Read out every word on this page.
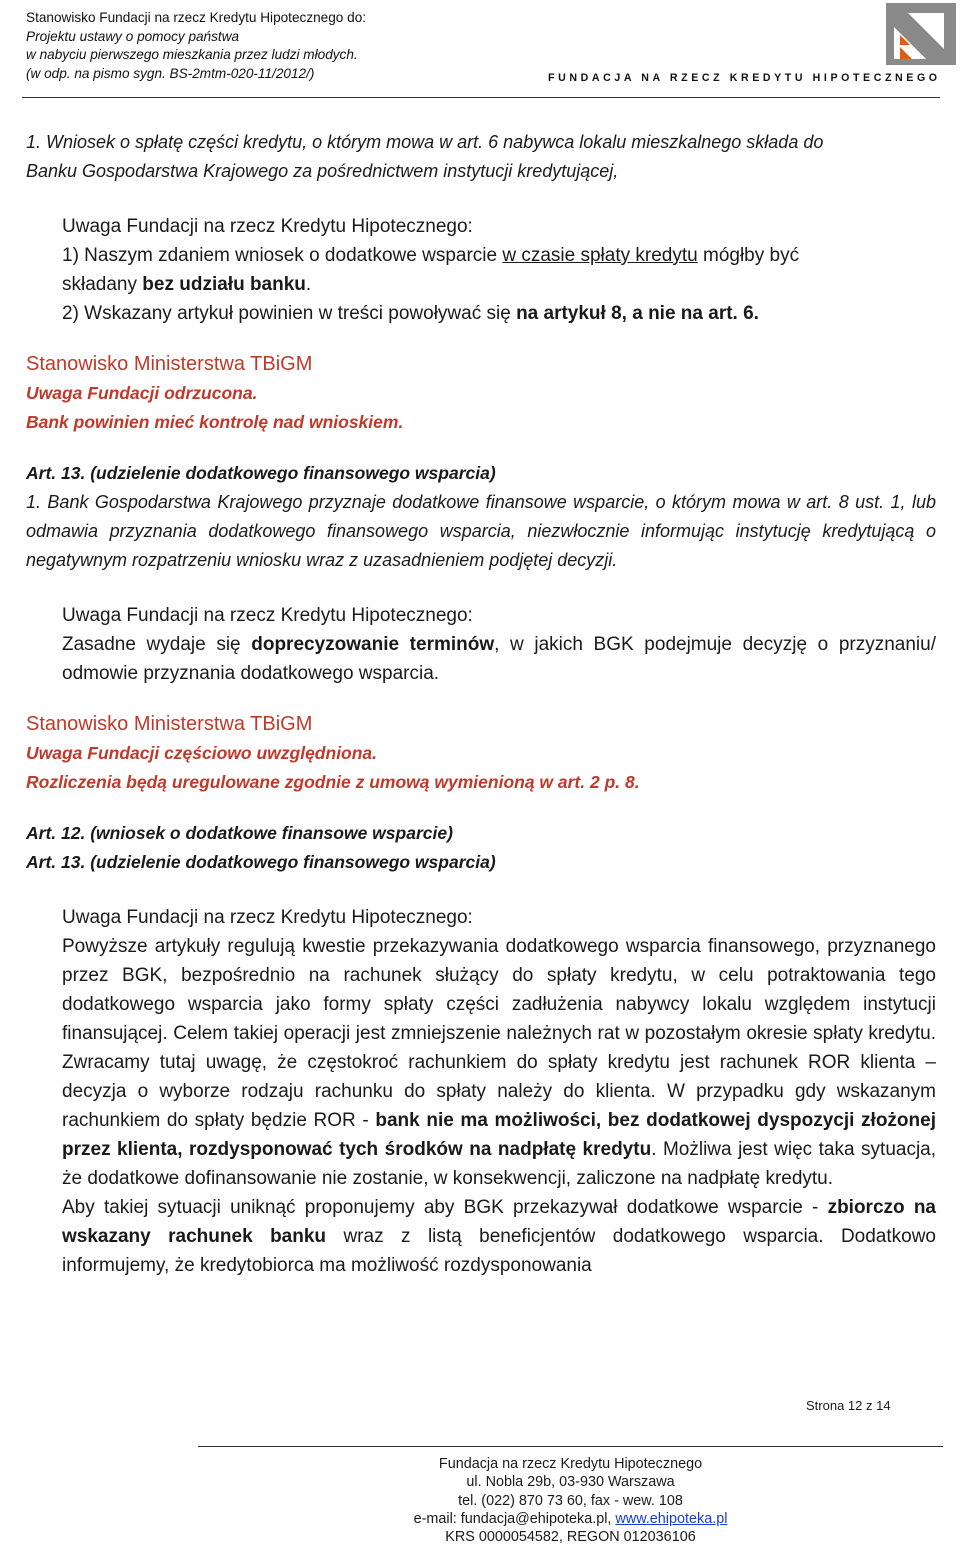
Stanowisko Fundacji na rzecz Kredytu Hipotecznego do:
Projektu ustawy o pomocy państwa
w nabyciu pierwszego mieszkania przez ludzi młodych.
(w odp. na pismo sygn. BS-2mtm-020-11/2012/)	FUNDACJA NA RZECZ KREDYTU HIPOTECZNEGO

1. Wniosek o spłatę części kredytu, o którym mowa w art. 6 nabywca lokalu mieszkalnego składa do

Banku Gospodarstwa Krajowego za pośrednictwem instytucji kredytującej,

Uwaga Fundacji na rzecz Kredytu Hipotecznego:

1) Naszym zdaniem wniosek o dodatkowe wsparcie w czasie spłaty kredytu mógłby być

składany bez udziału banku.

2) Wskazany artykuł powinien w treści powoływać się na artykuł 8, a nie na art. 6.

Stanowisko Ministerstwa TBiGM

Uwaga Fundacji odrzucona.

Bank powinien mieć kontrolę nad wnioskiem.

Art. 13. (udzielenie dodatkowego finansowego wsparcia)

1. Bank Gospodarstwa Krajowego przyznaje dodatkowe finansowe wsparcie, o którym mowa w art. 8 ust. 1, lub odmawia przyznania dodatkowego finansowego wsparcia, niezwłocznie informując instytucję kredytującą o negatywnym rozpatrzeniu wniosku wraz z uzasadnieniem podjętej decyzji.

Uwaga Fundacji na rzecz Kredytu Hipotecznego:

Zasadne wydaje się doprecyzowanie terminów, w jakich BGK podejmuje decyzję o przyznaniu/ odmowie przyznania dodatkowego wsparcia.

Stanowisko Ministerstwa TBiGM

Uwaga Fundacji częściowo uwzględniona.

Rozliczenia będą uregulowane zgodnie z umową wymienioną w art. 2 p. 8.

Art. 12. (wniosek o dodatkowe finansowe wsparcie)

Art. 13. (udzielenie dodatkowego finansowego wsparcia)

Uwaga Fundacji na rzecz Kredytu Hipotecznego:

Powyższe artykuły regulują kwestie przekazywania dodatkowego wsparcia finansowego, przyznanego przez BGK, bezpośrednio na rachunek służący do spłaty kredytu, w celu potraktowania tego dodatkowego wsparcia jako formy spłaty części zadłużenia nabywcy lokalu względem instytucji finansującej. Celem takiej operacji jest zmniejszenie należnych rat w pozostałym okresie spłaty kredytu. Zwracamy tutaj uwagę, że częstokroć rachunkiem do spłaty kredytu jest rachunek ROR klienta – decyzja o wyborze rodzaju rachunku do spłaty należy do klienta. W przypadku gdy wskazanym rachunkiem do spłaty będzie ROR - bank nie ma możliwości, bez dodatkowej dyspozycji złożonej przez klienta, rozdysponować tych środków na nadpłatę kredytu. Możliwa jest więc taka sytuacja, że dodatkowe dofinansowanie nie zostanie, w konsekwencji, zaliczone na nadpłatę kredytu.

Aby takiej sytuacji uniknąć proponujemy aby BGK przekazywał dodatkowe wsparcie - zbiorczo na wskazany rachunek banku wraz z listą beneficjentów dodatkowego wsparcia. Dodatkowo informujemy, że kredytobiorca ma możliwość rozdysponowania

Strona 12 z 14
Fundacja na rzecz Kredytu Hipotecznego
ul. Nobla 29b, 03-930 Warszawa
tel. (022) 870 73 60, fax - wew. 108
e-mail: fundacja@ehipoteka.pl, www.ehipoteka.pl
KRS 0000054582, REGON 012036106
